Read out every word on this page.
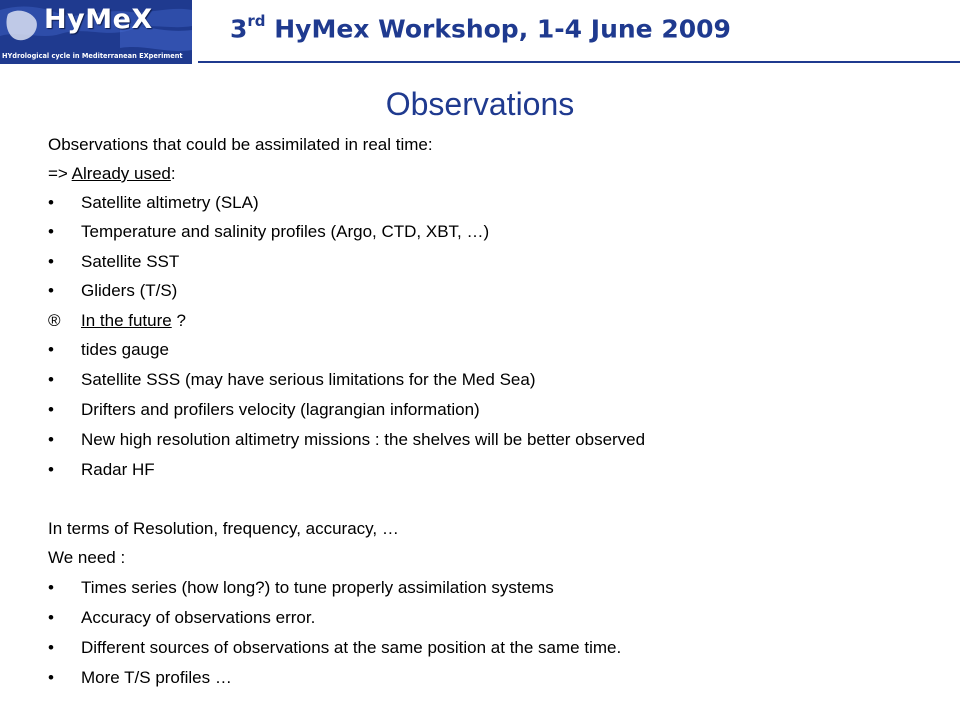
HyMeX
HYdrological cycle in Mediterranean EXperiment
3rd HyMex Workshop, 1-4 June 2009
Observations
Observations that could be assimilated in real time:
=> Already used:
• Satellite altimetry (SLA)
• Temperature and salinity profiles (Argo, CTD, XBT, …)
• Satellite SST
• Gliders (T/S)
® In the future ?
• tides gauge
• Satellite SSS (may have serious limitations for the Med Sea)
• Drifters and profilers velocity (lagrangian information)
• New high resolution altimetry missions : the shelves will be better observed
• Radar HF
In terms of Resolution, frequency, accuracy, …
We need :
• Times series (how long?) to tune properly assimilation systems
• Accuracy of observations error.
• Different sources of observations at the same position at the same time.
• More T/S profiles …
